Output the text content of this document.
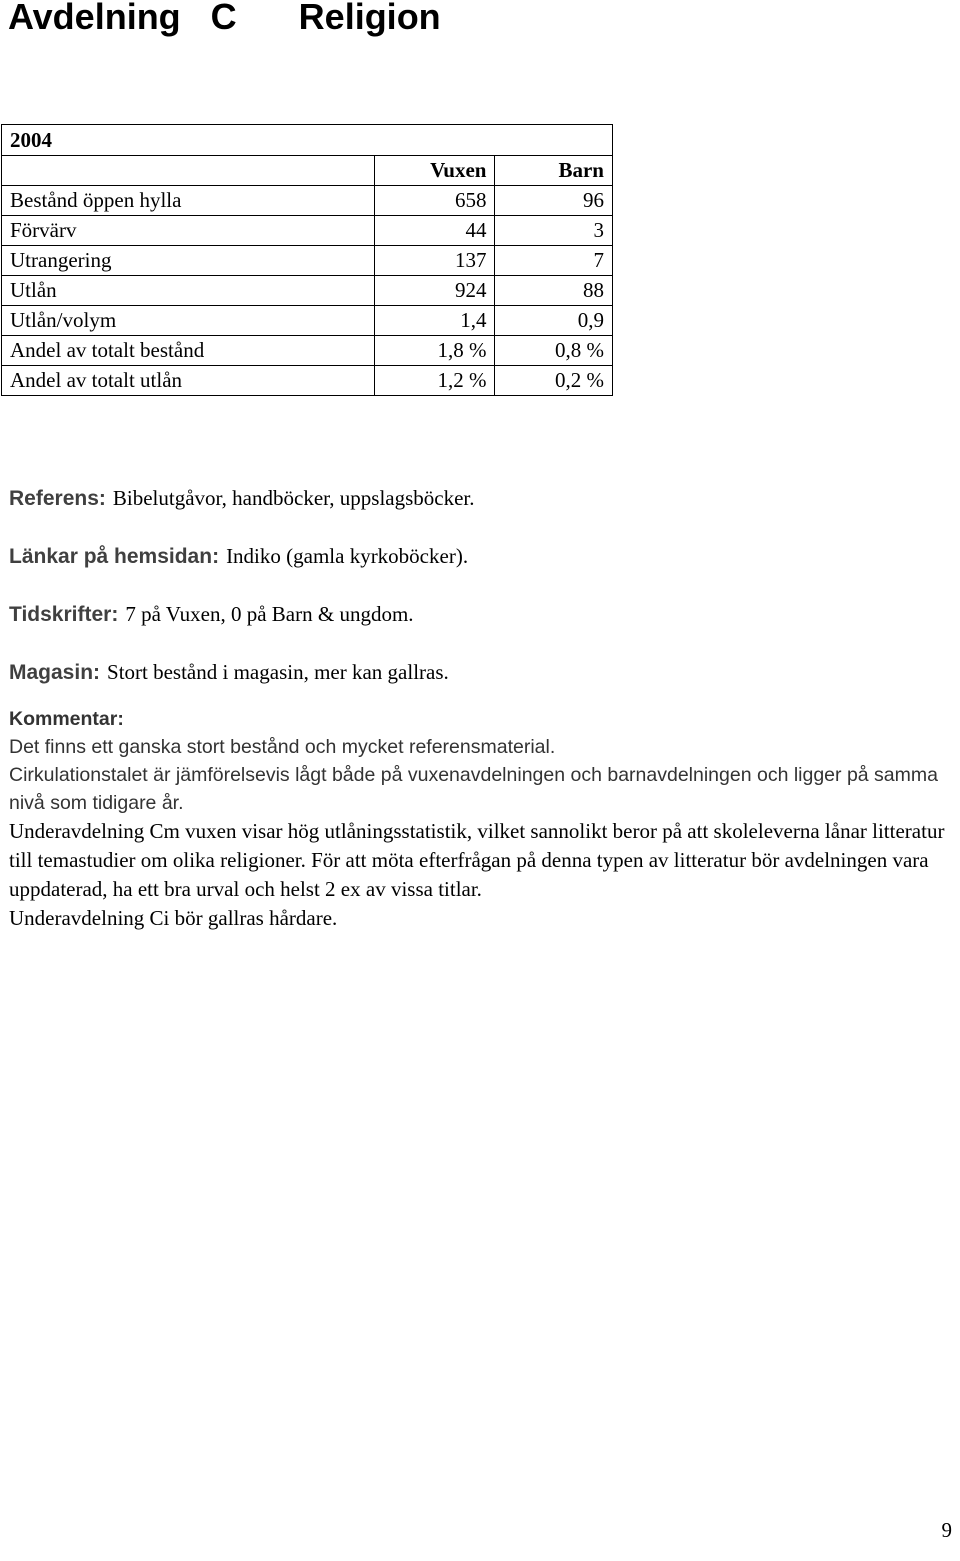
Avdelning C Religion
2004		
	Vuxen	Barn
Bestånd öppen hylla	658	96
Förvärv	44	3
Utrangering	137	7
Utlån	924	88
Utlån/volym	1,4	0,9
Andel av totalt bestånd	1,8 %	0,8 %
Andel av totalt utlån	1,2 %	0,2 %

Referens: Bibelutgåvor, handböcker, uppslagsböcker.

Länkar på hemsidan: Indiko (gamla kyrkoböcker).

Tidskrifter: 7 på Vuxen, 0 på Barn & ungdom.

Magasin: Stort bestånd i magasin, mer kan gallras.

Kommentar:
Det finns ett ganska stort bestånd och mycket referensmaterial.
Cirkulationstalet är jämförelsevis lågt både på vuxenavdelningen och barnavdelningen och ligger på samma nivå som tidigare år.
Underavdelning Cm vuxen visar hög utlåningsstatistik, vilket sannolikt beror på att skoleleverna lånar litteratur till temastudier om olika religioner. För att möta efterfrågan på denna typen av litteratur bör avdelningen vara uppdaterad, ha ett bra urval och helst 2 ex av vissa titlar.
Underavdelning Ci bör gallras hårdare.
9
